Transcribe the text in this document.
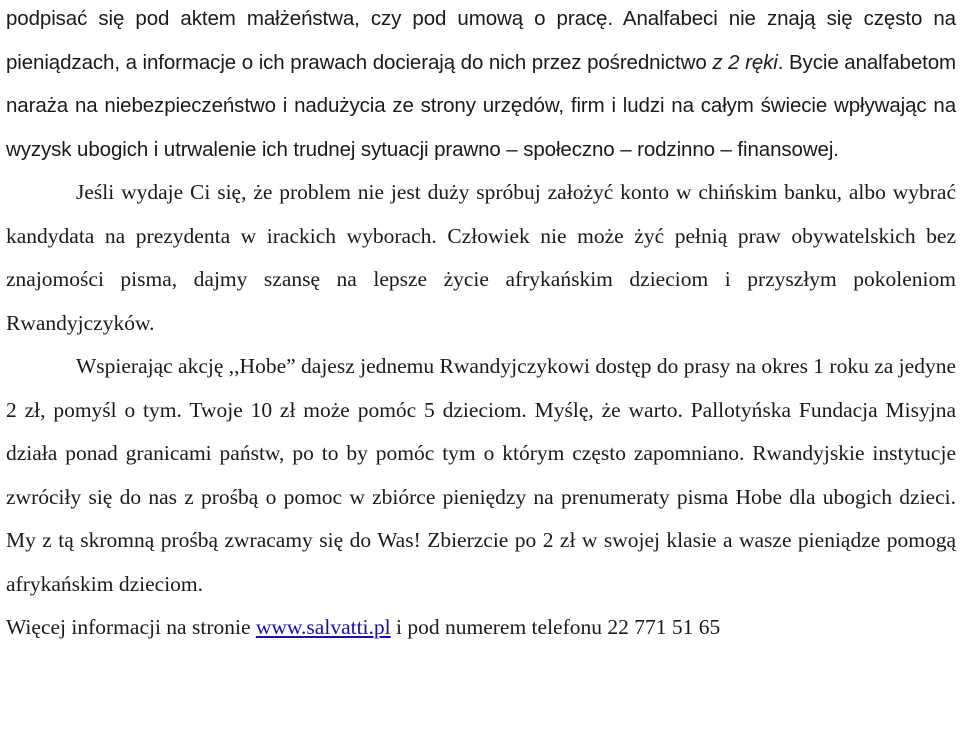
podpisać się pod aktem małżeństwa, czy pod umową o pracę. Analfabeci nie znają się często na pieniądzach, a informacje o ich prawach docierają do nich przez pośrednictwo z 2 ręki. Bycie analfabetom naraża na niebezpieczeństwo i nadużycia ze strony urzędów, firm i ludzi na całym świecie wpływając na wyzysk ubogich i utrwalenie ich trudnej sytuacji prawno – społeczno – rodzinno – finansowej.

Jeśli wydaje Ci się, że problem nie jest duży spróbuj założyć konto w chińskim banku, albo wybrać kandydata na prezydenta w irackich wyborach. Człowiek nie może żyć pełnią praw obywatelskich bez znajomości pisma, dajmy szansę na lepsze życie afrykańskim dzieciom i przyszłym pokoleniom Rwandyjczyków.

Wspierając akcję ,,Hobe” dajesz jednemu Rwandyjczykowi dostęp do prasy na okres 1 roku za jedyne 2 zł, pomyśl o tym. Twoje 10 zł może pomóc 5 dzieciom. Myślę, że warto. Pallotyńska Fundacja Misyjna działa ponad granicami państw, po to by pomóc tym o którym często zapomniano. Rwandyjskie instytucje zwróciły się do nas z prośbą o pomoc w zbiórce pieniędzy na prenumeraty pisma Hobe dla ubogich dzieci. My z tą skromną prośbą zwracamy się do Was! Zbierzcie po 2 zł w swojej klasie a wasze pieniądze pomogą afrykańskim dzieciom.

Więcej informacji na stronie www.salvatti.pl i pod numerem telefonu 22 771 51 65
